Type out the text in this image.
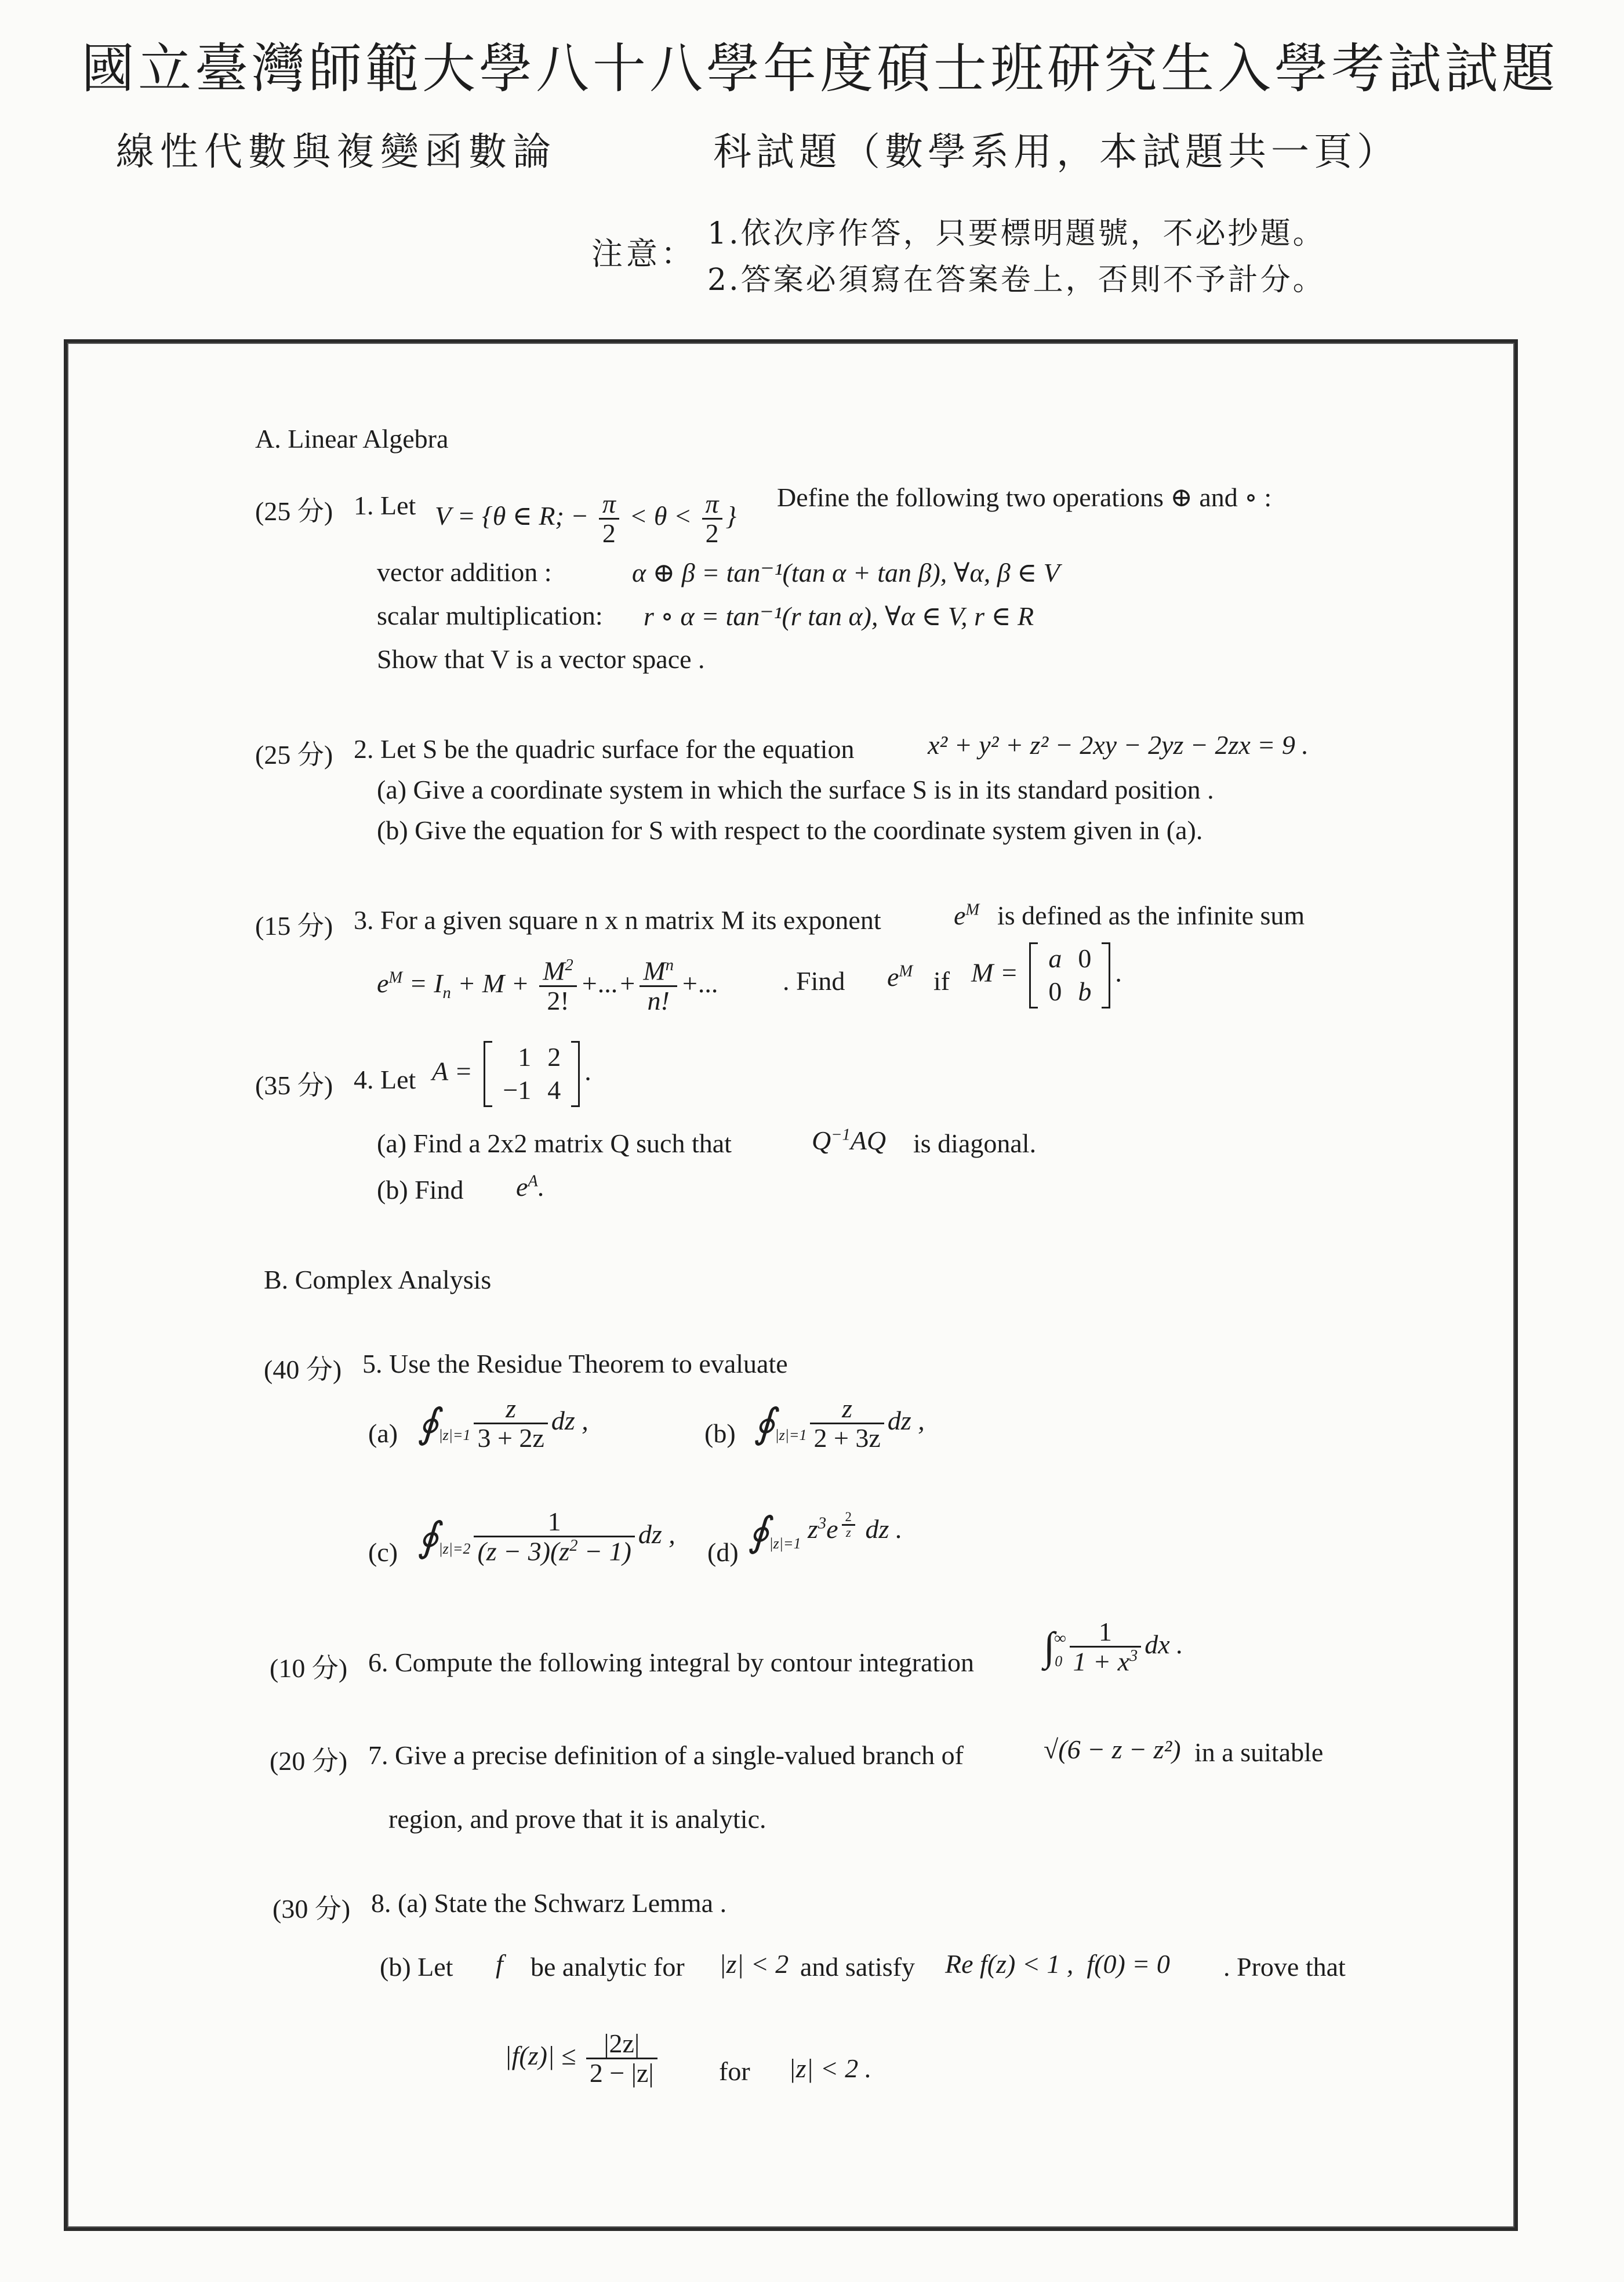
國立臺灣師範大學八十八學年度碩士班研究生入學考試試題
線性代數與複變函數論	科試題（數學系用，本試題共一頁）
注意：
1.依次序作答，只要標明題號，不必抄題。
2.答案必須寫在答案卷上，否則不予計分。
A. Linear Algebra
(25 分) 1. Let V = {θ ∈ R; − $\frac{\pi}{2} < \theta < \frac{\pi}{2}$ }
Define the following two operations ⊕ and ∘ :
vector addition :	α ⊕ β = tan⁻¹(tan α + tan β), ∀α, β ∈ V
scalar multiplication: r ∘ α = tan⁻¹(r tan α), ∀α ∈ V, r ∈ R
Show that V is a vector space .
(25 分) 2. Let S be the quadric surface for the equation	x² + y² + z² − 2xy − 2yz − 2zx = 9 .
(a) Give a coordinate system in which the surface S is in its standard position .
(b) Give the equation for S with respect to the coordinate system given in (a).
(15 分) 3. For a given square n x n matrix M its exponent	$e^M$ is defined as the infinite sum
$e^M = I_n + M + \frac{M^2}{2!}$ +...+ $\frac{M^n}{n!}$ +... . Find $e^M$ if M = a	0
0	b
.
(35 分) 4. Let A = 1	2
−1	4
.
(a) Find a 2x2 matrix Q such that	$Q^{-1}AQ$ is diagonal.
(b) Find $e^A$.
B. Complex Analysis
(40 分) 5. Use the Residue Theorem to evaluate
(a) $∮_{|z|=1} \frac{z}{3 + 2z}$ dz ,	(b) $∮_{|z|=1} \frac{z}{2 + 3z}$ dz ,
(c) $∮_{|z|=2} \frac{1}{(z - 3)(z^2 - 1)}$ dz ,
(d) $∮_{|z|=1}$ $z^3e$ $^{\frac{2}{z}}$ dz .
(10 分) 6. Compute the following integral by contour integration $\int_0^\infty \frac{1}{1 + x^3}$ dx .
(20 分) 7. Give a precise definition of a single-valued branch of	√(6 − z − z²) in a suitable
region, and prove that it is analytic.
(30 分) 8. (a) State the Schwarz Lemma .
(b) Let f be analytic for |z| < 2 and satisfy Re f(z) < 1 ,  f(0) = 0 . Prove that
$|f(z)| \le \frac{|2z|}{2 - |z|}$ for |z| < 2 .
